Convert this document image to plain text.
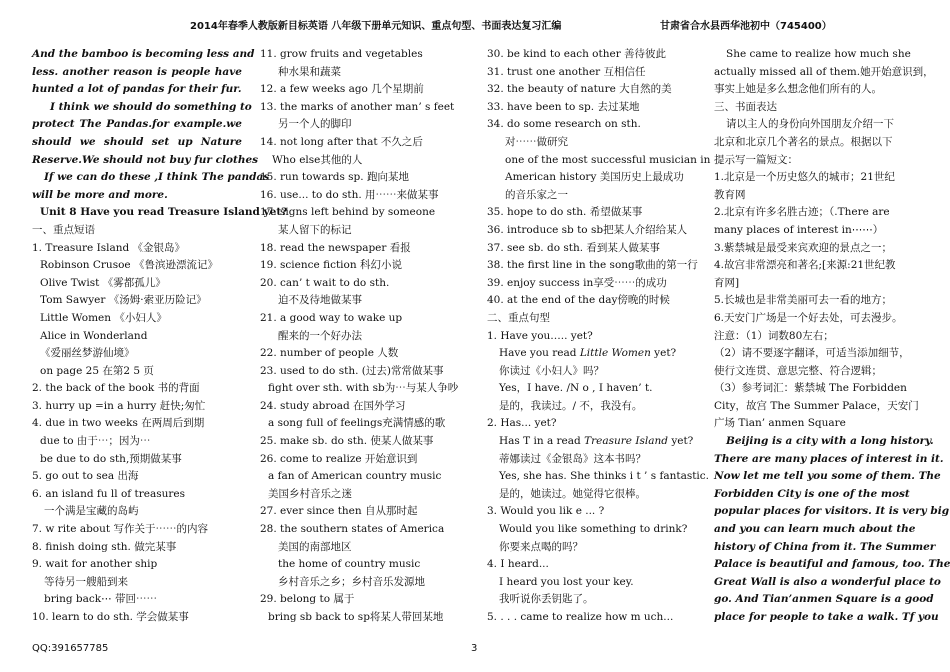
2014年春季人教版新目标英语 八年级下册单元知识、重点句型、书面表达复习汇编	甘肃省合水县西华池初中（745400）
And the bamboo is becoming less and
less. another reason is people have
hunted a lot of pandas for their fur.
I think we should do something to
protect The Pandas.for example.we
should we should set up Nature
Reserve.We should not buy fur clothes
If we can do these ,I think The pandas
will be more and more.
Unit 8 Have you read Treasure Island yet?
一、重点短语
1. Treasure Island 《金银岛》
Robinson Crusoe 《鲁滨逊漂流记》
Olive Twist 《雾都孤儿》
Tom Sawyer 《汤姆·索亚历险记》
Little Women 《小妇人》
Alice in Wonderland
《爱丽丝梦游仙境》
on page 25 在第2 5 页
2. the back of the book 书的背面
3. hurry up =in a hurry 赶快;匆忙
4. due in two weeks 在两周后到期
due to 由于⋯；因为⋯
be due to do sth,预期做某事
5. go out to sea 出海
6. an island fu ll of treasures
一个满是宝藏的岛屿
7. w rite about 写作关于⋯⋯的内容
8. finish doing sth. 做完某事
9. wait for another ship
等待另一艘船到来
bring back⋯ 带回⋯⋯
10. learn to do sth. 学会做某事
11. grow fruits and vegetables
种水果和蔬菜
12. a few weeks ago 几个星期前
13. the marks of another man’ s feet
另一个人的脚印
14. not long after that 不久之后
Who else其他的人
15. run towards sp. 跑向某地
16. use... to do sth. 用⋯⋯来做某事
17. signs left behind by someone
某人留下的标记
18. read the newspaper 看报
19. science fiction 科幻小说
20. can’ t wait to do sth.
迫不及待地做某事
21. a good way to wake up
醒来的一个好办法
22. number of people 人数
23. used to do sth. (过去)常常做某事
fight over sth. with sb为⋯与某人争吵
24. study abroad 在国外学习
a song full of feelings充满情感的歌
25. make sb. do sth. 使某人做某事
26. come to realize 开始意识到
a fan of American country music
美国乡村音乐之迷
27. ever since then 自从那时起
28. the southern states of America
美国的南部地区
the home of country music
乡村音乐之乡；乡村音乐发源地
29. belong to 属于
bring sb back to sp将某人带回某地
30. be kind to each other 善待彼此
31. trust one another 互相信任
32. the beauty of nature 大自然的美
33. have been to sp. 去过某地
34. do some research on sth.
对⋯⋯做研究
one of the most successful musician in
American history 美国历史上最成功
的音乐家之一
35. hope to do sth. 希望做某事
36. introduce sb to sb把某人介绍给某人
37. see sb. do sth. 看到某人做某事
38. the first line in the song歌曲的第一行
39. enjoy success in享受⋯⋯的成功
40. at the end of the day傍晚的时候
二、重点句型
1. Have you….. yet?
Have you read Little Women yet?
你读过《小妇人》吗？
Yes，I have. /N o , I haven’ t.
是的，我读过。/ 不，我没有。
2. Has... yet?
Has T in a read Treasure Island yet?
蒂娜读过《金银岛》这本书吗？
Yes, she has. She thinks i t ’ s fantastic.
是的，她读过。她觉得它很棒。
3. Would you lik e ... ?
Would you like something to drink?
你要来点喝的吗？
4. I heard...
I heard you lost your key.
我听说你丢钥匙了。
5. . . . came to realize how m uch...
She came to realize how much she
actually missed all of them.她开始意识到，
事实上她是多么想念他们所有的人。
三、书面表达
请以主人的身份向外国朋友介绍一下
北京和北京几个著名的景点。根据以下
提示写一篇短文：
1.北京是一个历史悠久的城市；21世纪
教育网
2.北京有许多名胜古迹；（.There are
many places of interest in⋯⋯）
3.紫禁城是最受来宾欢迎的景点之一；
4.故宫非常漂亮和著名;[来源:21世纪教
育网]
5.长城也是非常美丽可去一看的地方；
6.天安门广场是一个好去处，可去漫步。
注意：（1）词数80左右；
（2）请不要逐字翻译，可适当添加细节，
使行文连贯、意思完整、符合逻辑；
（3）参考词汇：紫禁城 The Forbidden
City，故宫 The Summer Palace，天安门
广场 Tian’ anmen Square
Beijing is a city with a long history.
There are many places of interest in it.
Now let me tell you some of them. The
Forbidden City is one of the most
popular places for visitors. It is very big
and you can learn much about the
history of China from it. The Summer
Palace is beautiful and famous, too. The
Great Wall is also a wonderful place to
go. And Tian’anmen Square is a good
place for people to take a walk. Tf you
QQ:391657785	3
